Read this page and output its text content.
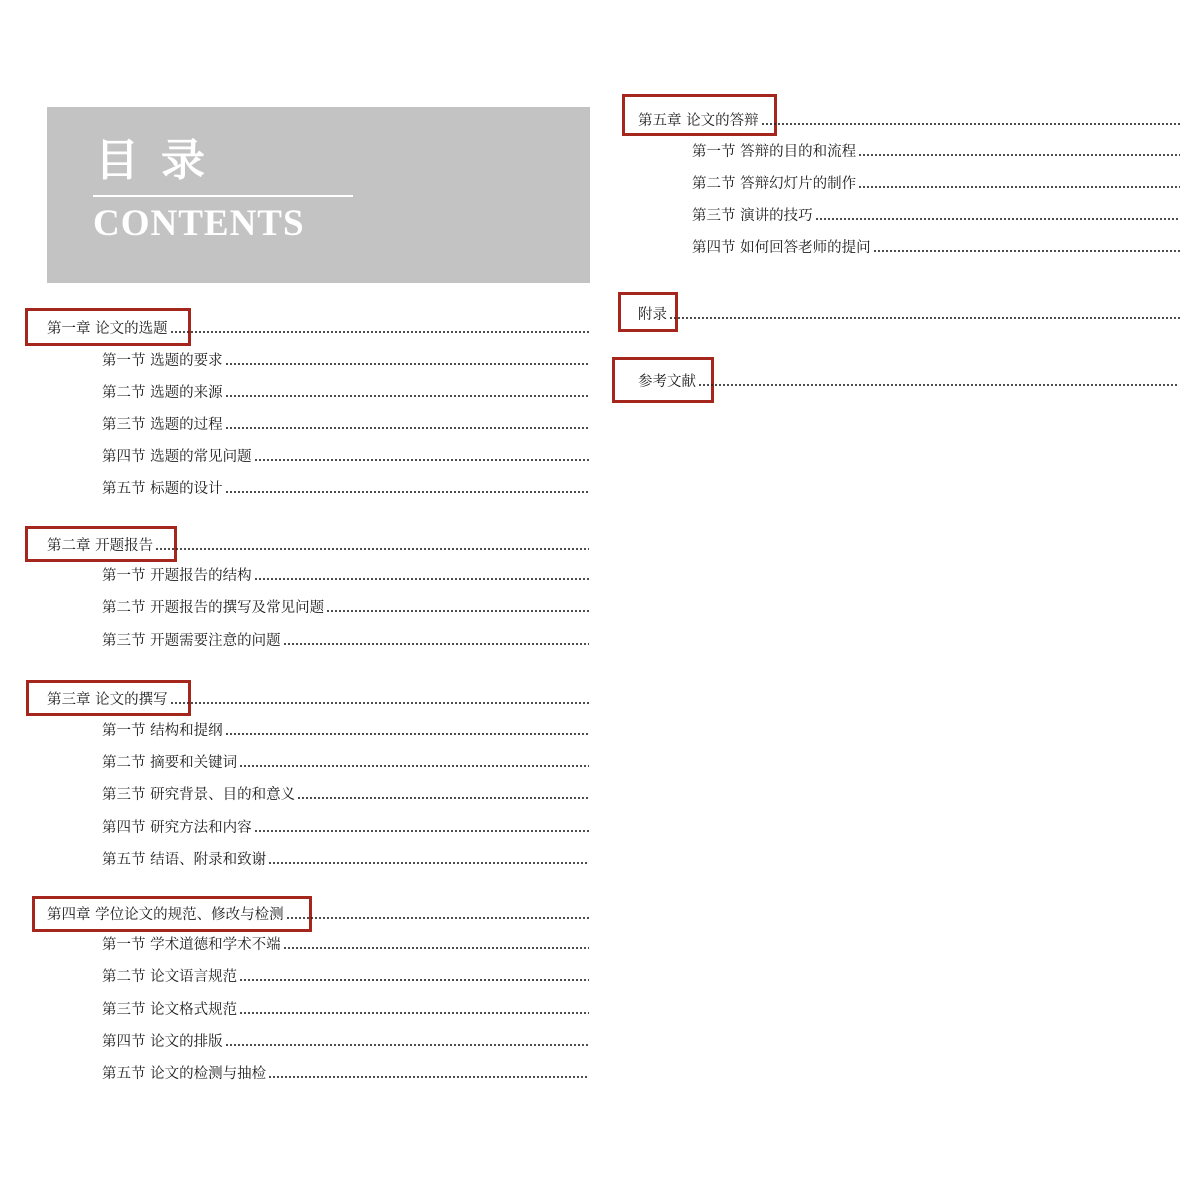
目录
CONTENTS
第一章 论文的选题
第一节 选题的要求
第二节 选题的来源
第三节 选题的过程
第四节 选题的常见问题
第五节 标题的设计
第二章 开题报告
第一节 开题报告的结构
第二节 开题报告的撰写及常见问题
第三节 开题需要注意的问题
第三章 论文的撰写
第一节 结构和提纲
第二节 摘要和关键词
第三节 研究背景、目的和意义
第四节 研究方法和内容
第五节 结语、附录和致谢
第四章 学位论文的规范、修改与检测
第一节 学术道德和学术不端
第二节 论文语言规范
第三节 论文格式规范
第四节 论文的排版
第五节 论文的检测与抽检
第五章 论文的答辩
第一节 答辩的目的和流程
第二节 答辩幻灯片的制作
第三节 演讲的技巧
第四节 如何回答老师的提问
附录
参考文献
